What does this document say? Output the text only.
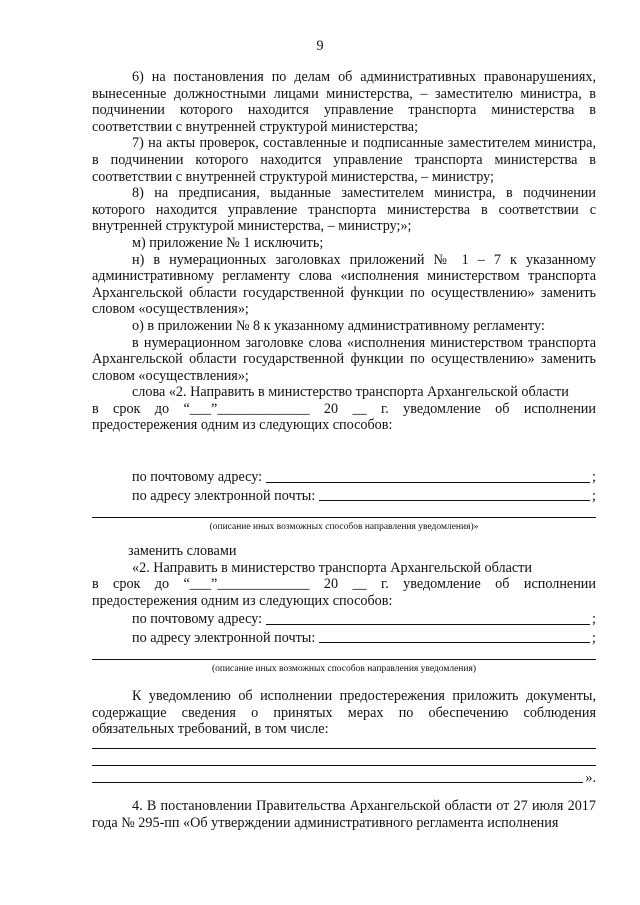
9

6) на постановления по делам об административных правонарушениях, вынесенные должностными лицами министерства, – заместителю министра, в подчинении которого находится управление транспорта министерства в соответствии с внутренней структурой министерства;

7) на акты проверок, составленные и подписанные заместителем министра, в подчинении которого находится управление транспорта министерства в соответствии с внутренней структурой министерства, – министру;

8) на предписания, выданные заместителем министра, в подчинении которого находится управление транспорта министерства в соответствии с внутренней структурой министерства, – министру;»;

м) приложение № 1 исключить;

н) в нумерационных заголовках приложений № 1 – 7 к указанному административному регламенту слова «исполнения министерством транспорта Архангельской области государственной функции по осуществлению» заменить словом «осуществления»;

о) в приложении № 8 к указанному административному регламенту:

в нумерационном заголовке слова «исполнения министерством транспорта Архангельской области государственной функции по осуществлению» заменить словом «осуществления»;

слова «2. Направить в министерство транспорта Архангельской области

в срок до “___”_____________ 20 __ г. уведомление об исполнении предостережения одним из следующих способов:

по почтовому адресу:	;
по адресу электронной почты:	;
(описание иных возможных способов направления уведомления)»

заменить словами

«2. Направить в министерство транспорта Архангельской области

в срок до “___”_____________ 20 __ г. уведомление об исполнении предостережения одним из следующих способов:

по почтовому адресу:	;
по адресу электронной почты:	;
(описание иных возможных способов направления уведомления)

К уведомлению об исполнении предостережения приложить документы, содержащие сведения о принятых мерах по обеспечению соблюдения обязательных требований, в том числе:

».

4. В постановлении Правительства Архангельской области от 27 июля 2017 года № 295-пп «Об утверждении административного регламента исполнения
